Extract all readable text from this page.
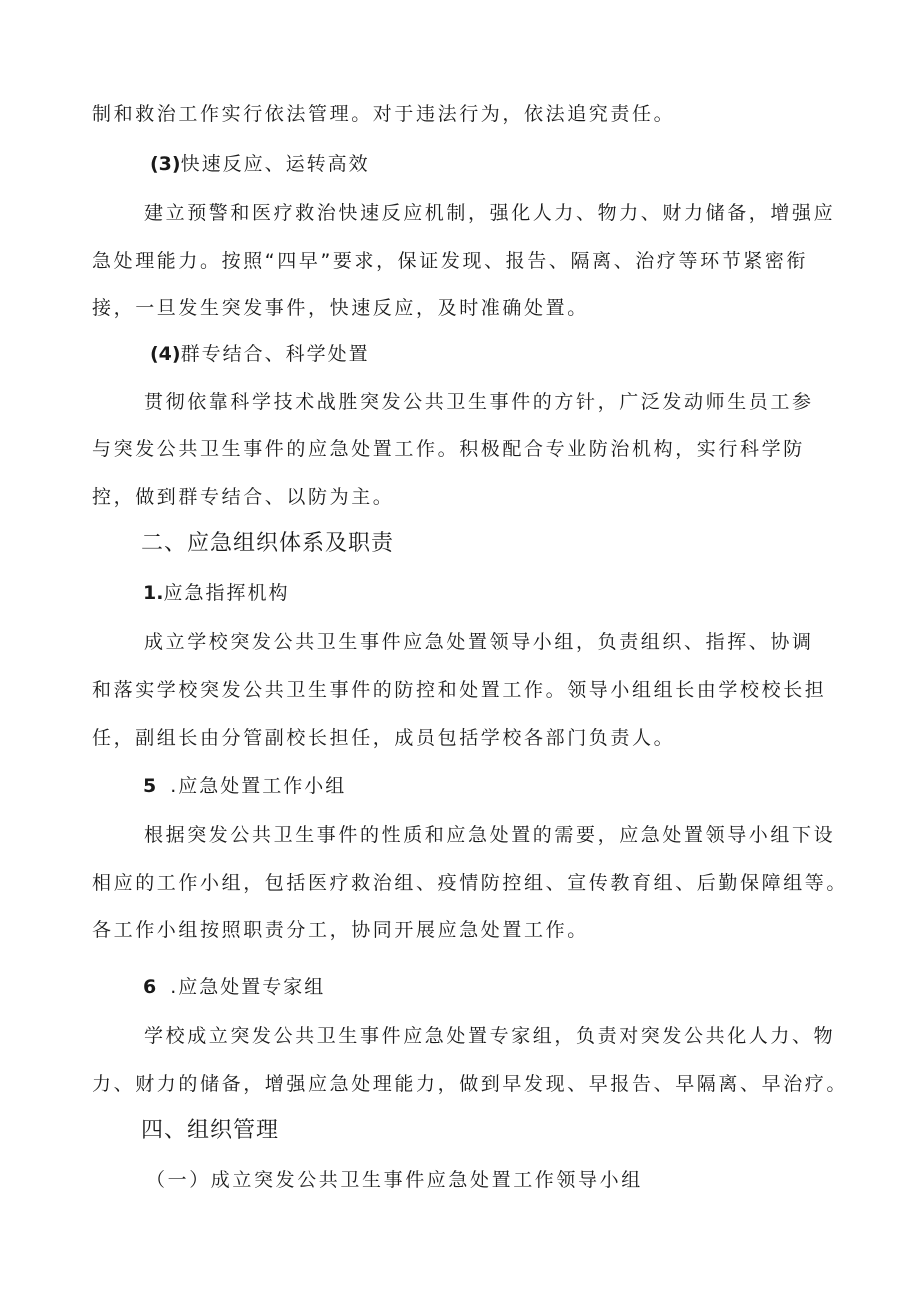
制和救治工作实行依法管理。对于违法行为，依法追究责任。
(3)快速反应、运转高效
建立预警和医疗救治快速反应机制，强化人力、物力、财力储备，增强应
急处理能力。按照“四早”要求，保证发现、报告、隔离、治疗等环节紧密衔
接，一旦发生突发事件，快速反应，及时准确处置。
(4)群专结合、科学处置
贯彻依靠科学技术战胜突发公共卫生事件的方针，广泛发动师生员工参
与突发公共卫生事件的应急处置工作。积极配合专业防治机构，实行科学防
控，做到群专结合、以防为主。
二、应急组织体系及职责
1.应急指挥机构
成立学校突发公共卫生事件应急处置领导小组，负责组织、指挥、协调
和落实学校突发公共卫生事件的防控和处置工作。领导小组组长由学校校长担
任，副组长由分管副校长担任，成员包括学校各部门负责人。
5 .应急处置工作小组
根据突发公共卫生事件的性质和应急处置的需要，应急处置领导小组下设
相应的工作小组，包括医疗救治组、疫情防控组、宣传教育组、后勤保障组等。
各工作小组按照职责分工，协同开展应急处置工作。
6 .应急处置专家组
学校成立突发公共卫生事件应急处置专家组，负责对突发公共化人力、物
力、财力的储备，增强应急处理能力，做到早发现、早报告、早隔离、早治疗。
四、组织管理
（一）成立突发公共卫生事件应急处置工作领导小组
